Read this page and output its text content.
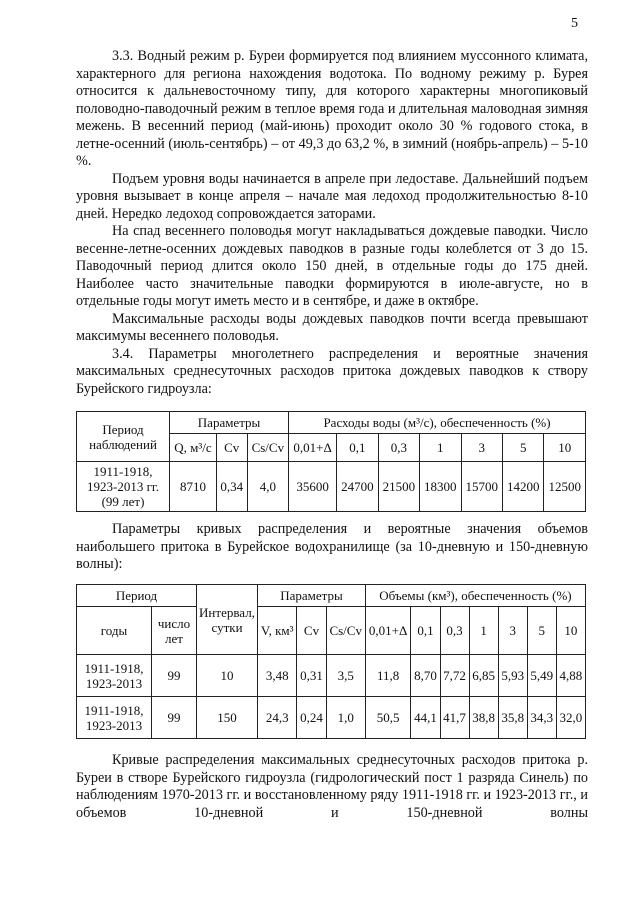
5

3.3. Водный режим р. Буреи формируется под влиянием муссонного климата, характерного для региона нахождения водотока. По водному режиму р. Бурея относится к дальневосточному типу, для которого характерны многопиковый половодно-паводочный режим в теплое время года и длительная маловодная зимняя межень. В весенний период (май-июнь) проходит около 30 % годового стока, в летне-осенний (июль-сентябрь) – от 49,3 до 63,2 %, в зимний (ноябрь-апрель) – 5-10 %.

Подъем уровня воды начинается в апреле при ледоставе. Дальнейший подъем уровня вызывает в конце апреля – начале мая ледоход продолжительностью 8-10 дней. Нередко ледоход сопровождается заторами.

На спад весеннего половодья могут накладываться дождевые паводки. Число весенне-летне-осенних дождевых паводков в разные годы колеблется от 3 до 15. Паводочный период длится около 150 дней, в отдельные годы до 175 дней. Наиболее часто значительные паводки формируются в июле-августе, но в отдельные годы могут иметь место и в сентябре, и даже в октябре.

Максимальные расходы воды дождевых паводков почти всегда превышают максимумы весеннего половодья.

3.4. Параметры многолетнего распределения и вероятные значения максимальных среднесуточных расходов притока дождевых паводков к створу Бурейского гидроузла:

Период наблюдений	Параметры			Расходы воды (м³/с), обеспеченность (%)						
	Q, м³/с	Cv	Cs/Cv	0,01+Δ	0,1	0,3	1	3	5	10
1911-1918, 1923-2013 гг. (99 лет)	8710	0,34	4,0	35600	24700	21500	18300	15700	14200	12500

Параметры кривых распределения и вероятные значения объемов наибольшего притока в Бурейское водохранилище (за 10-дневную и 150-дневную волны):

Период		Интервал, сутки	Параметры			Объемы (км³), обеспеченность (%)						
годы	число лет		V, км³	Cv	Cs/Cv	0,01+Δ	0,1	0,3	1	3	5	10
1911-1918, 1923-2013	99	10	3,48	0,31	3,5	11,8	8,70	7,72	6,85	5,93	5,49	4,88
1911-1918, 1923-2013	99	150	24,3	0,24	1,0	50,5	44,1	41,7	38,8	35,8	34,3	32,0

Кривые распределения максимальных среднесуточных расходов притока р. Буреи в створе Бурейского гидроузла (гидрологический пост 1 разряда Синель) по наблюдениям 1970-2013 гг. и восстановленному ряду 1911-1918 гг. и 1923-2013 гг., и объемов 10-дневной и 150-дневной волны
